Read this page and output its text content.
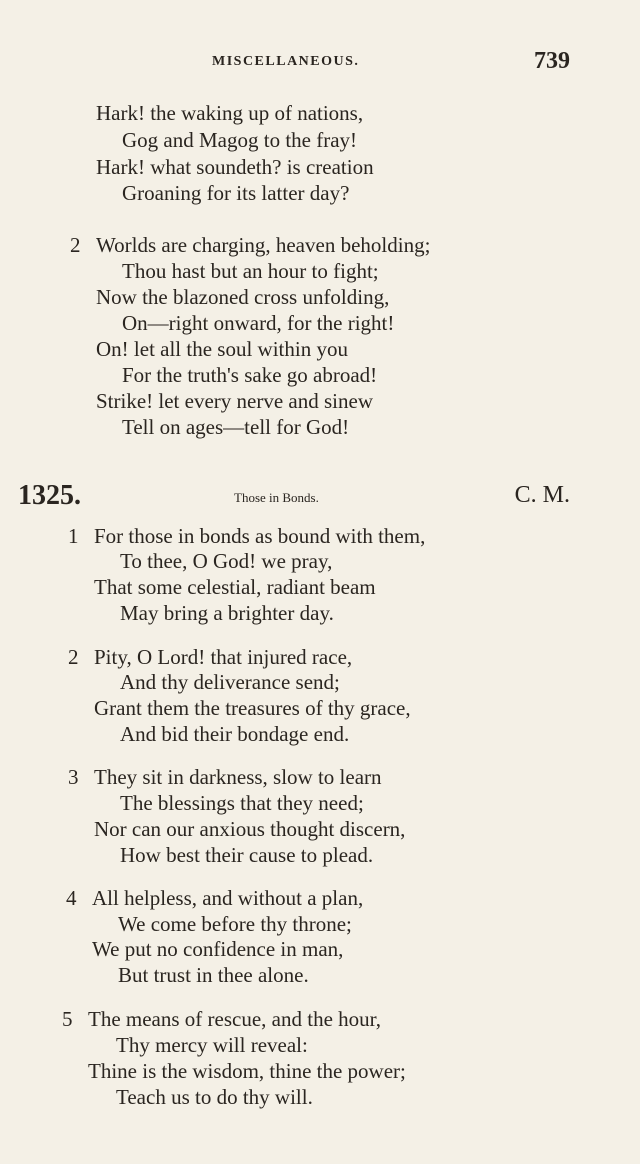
MISCELLANEOUS.	739
Hark! the waking up of nations,
Gog and Magog to the fray!
Hark! what soundeth? is creation
Groaning for its latter day?
2 Worlds are charging, heaven beholding;
Thou hast but an hour to fight;
Now the blazoned cross unfolding,
On—right onward, for the right!
On! let all the soul within you
For the truth's sake go abroad!
Strike! let every nerve and sinew
Tell on ages—tell for God!
1325.	Those in Bonds.	C. M.
1 For those in bonds as bound with them,
To thee, O God! we pray,
That some celestial, radiant beam
May bring a brighter day.
2 Pity, O Lord! that injured race,
And thy deliverance send;
Grant them the treasures of thy grace,
And bid their bondage end.
3 They sit in darkness, slow to learn
The blessings that they need;
Nor can our anxious thought discern,
How best their cause to plead.
4 All helpless, and without a plan,
We come before thy throne;
We put no confidence in man,
But trust in thee alone.
5 The means of rescue, and the hour,
Thy mercy will reveal:
Thine is the wisdom, thine the power;
Teach us to do thy will.
